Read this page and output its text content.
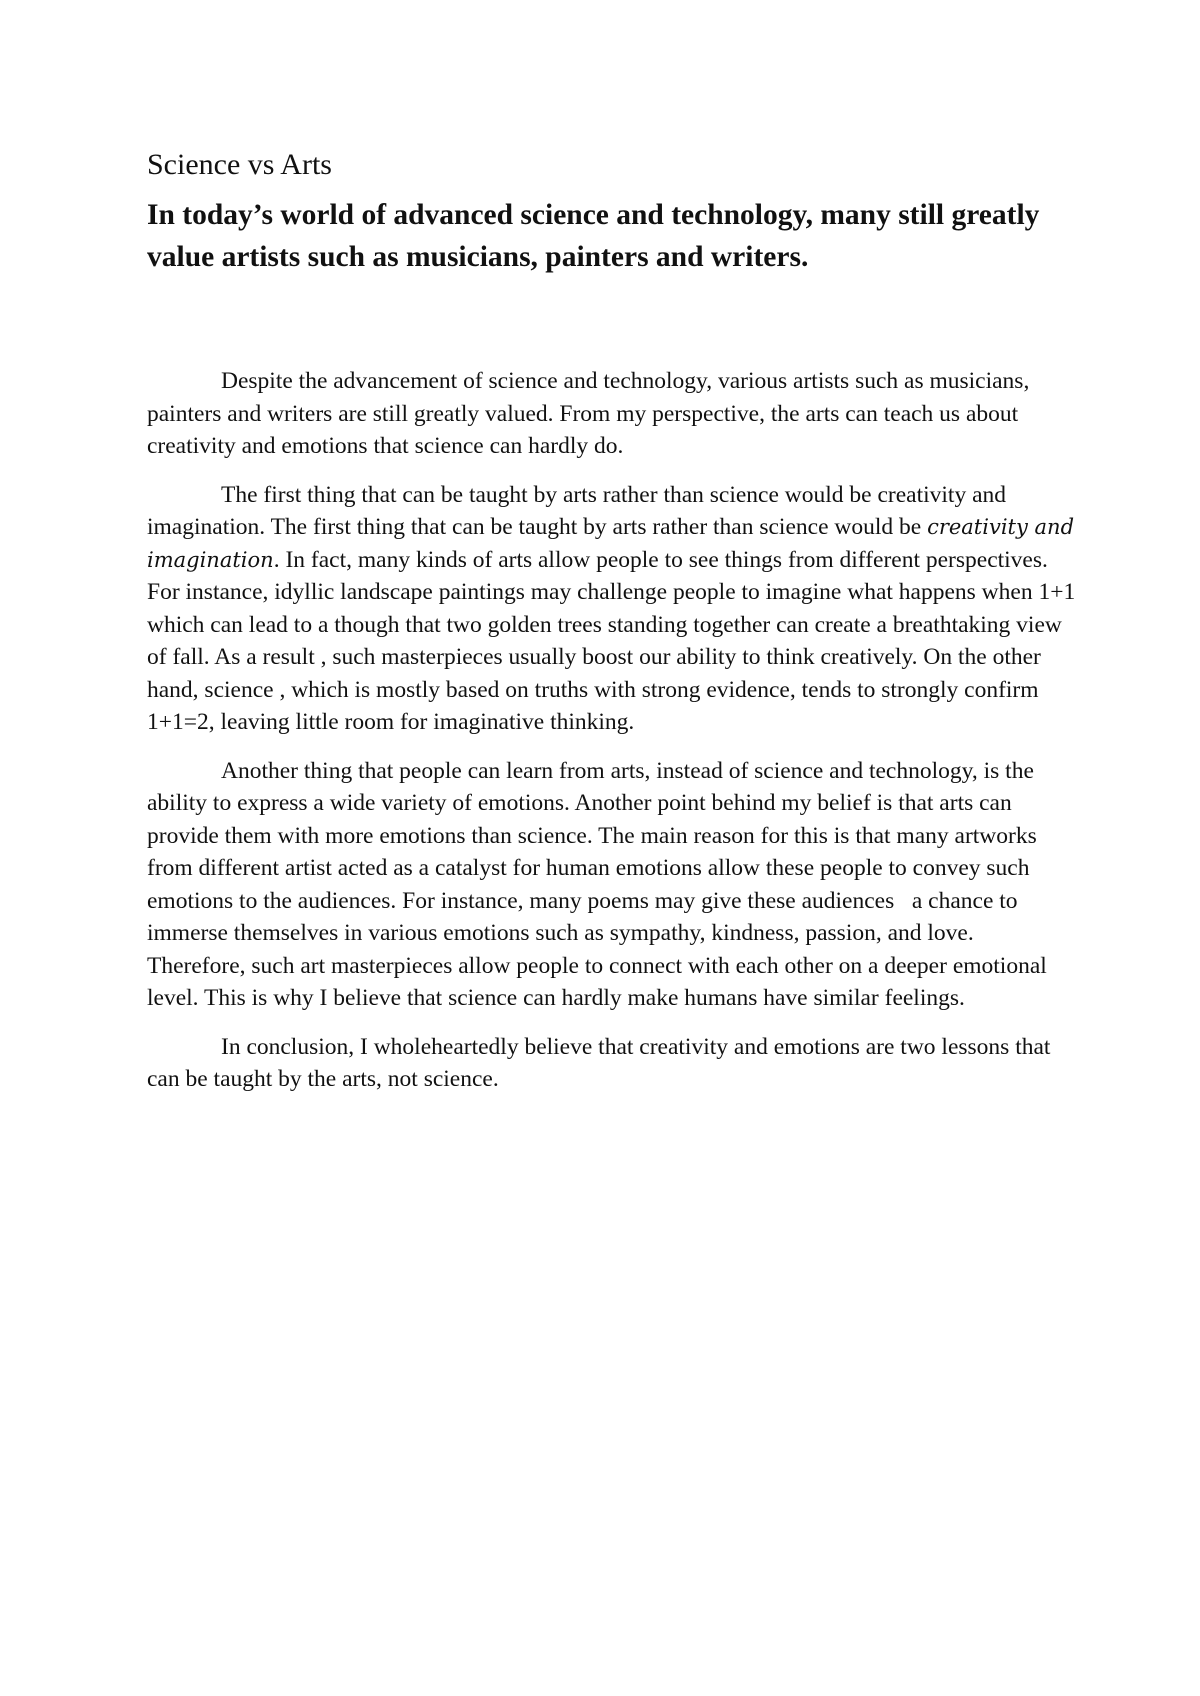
Science vs Arts
In today’s world of advanced science and technology, many still greatly value artists such as musicians, painters and writers.

Despite the advancement of science and technology, various artists such as musicians, painters and writers are still greatly valued. From my perspective, the arts can teach us about creativity and emotions that science can hardly do.

The first thing that can be taught by arts rather than science would be creativity and imagination. The first thing that can be taught by arts rather than science would be creativity and imagination. In fact, many kinds of arts allow people to see things from different perspectives. For instance, idyllic landscape paintings may challenge people to imagine what happens when 1+1 which can lead to a though that two golden trees standing together can create a breathtaking view of fall. As a result , such masterpieces usually boost our ability to think creatively. On the other hand, science , which is mostly based on truths with strong evidence, tends to strongly confirm 1+1=2, leaving little room for imaginative thinking.

Another thing that people can learn from arts, instead of science and technology, is the ability to express a wide variety of emotions. Another point behind my belief is that arts can provide them with more emotions than science. The main reason for this is that many artworks from different artist acted as a catalyst for human emotions allow these people to convey such emotions to the audiences. For instance, many poems may give these audiences   a chance to immerse themselves in various emotions such as sympathy, kindness, passion, and love. Therefore, such art masterpieces allow people to connect with each other on a deeper emotional level. This is why I believe that science can hardly make humans have similar feelings.

In conclusion, I wholeheartedly believe that creativity and emotions are two lessons that can be taught by the arts, not science.
